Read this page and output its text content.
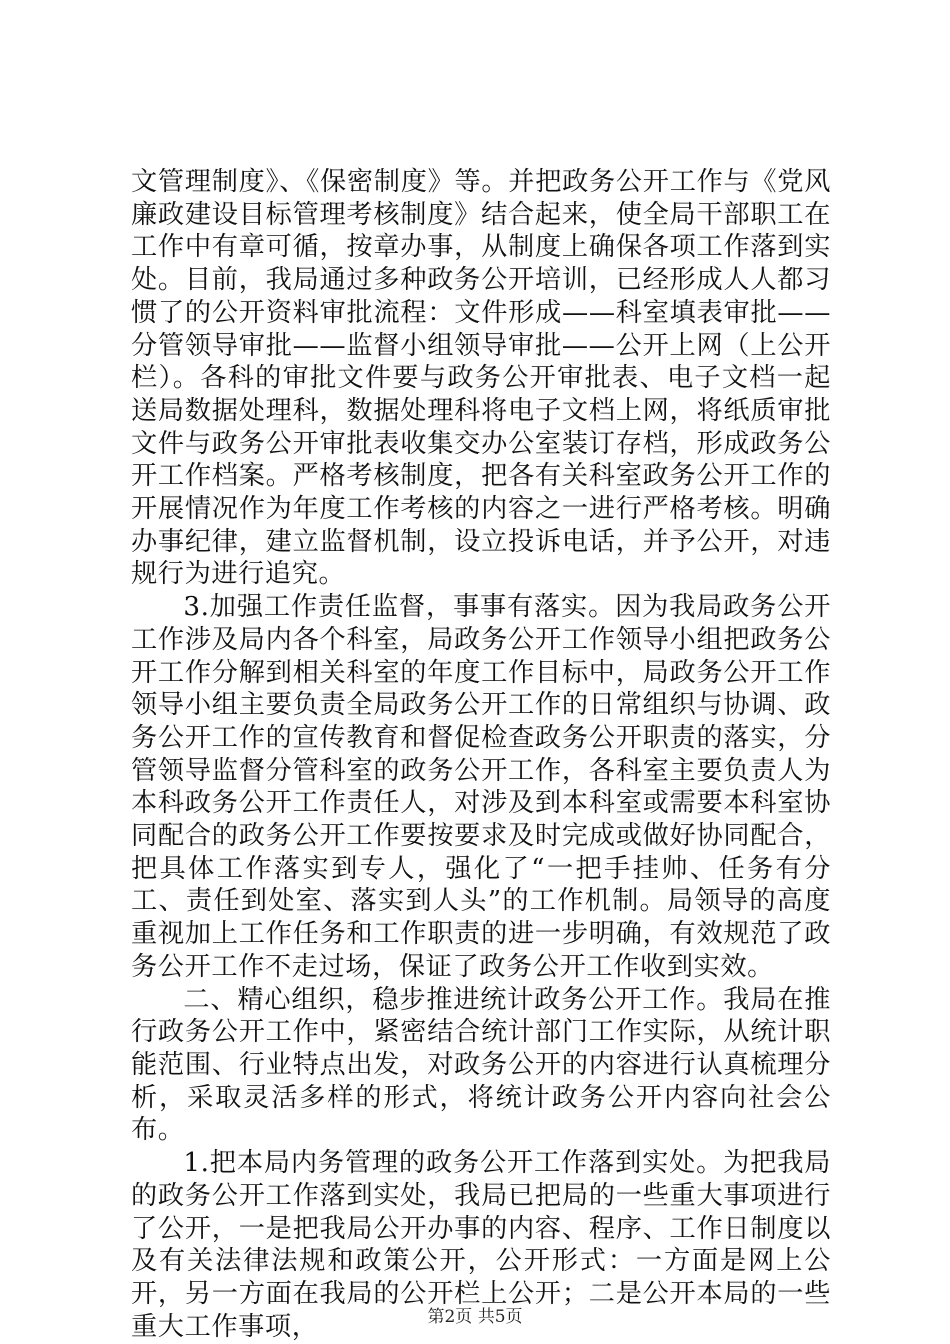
文管理制度》、《保密制度》等。并把政务公开工作与《党风廉政建设目标管理考核制度》结合起来，使全局干部职工在工作中有章可循，按章办事，从制度上确保各项工作落到实处。目前，我局通过多种政务公开培训，已经形成人人都习惯了的公开资料审批流程：文件形成——科室填表审批——分管领导审批——监督小组领导审批——公开上网（上公开栏）。各科的审批文件要与政务公开审批表、电子文档一起送局数据处理科，数据处理科将电子文档上网，将纸质审批文件与政务公开审批表收集交办公室装订存档，形成政务公开工作档案。严格考核制度，把各有关科室政务公开工作的开展情况作为年度工作考核的内容之一进行严格考核。明确办事纪律，建立监督机制，设立投诉电话，并予公开，对违规行为进行追究。

3.加强工作责任监督，事事有落实。因为我局政务公开工作涉及局内各个科室，局政务公开工作领导小组把政务公开工作分解到相关科室的年度工作目标中，局政务公开工作领导小组主要负责全局政务公开工作的日常组织与协调、政务公开工作的宣传教育和督促检查政务公开职责的落实，分管领导监督分管科室的政务公开工作，各科室主要负责人为本科政务公开工作责任人，对涉及到本科室或需要本科室协同配合的政务公开工作要按要求及时完成或做好协同配合，把具体工作落实到专人，强化了“一把手挂帅、任务有分工、责任到处室、落实到人头”的工作机制。局领导的高度重视加上工作任务和工作职责的进一步明确，有效规范了政务公开工作不走过场，保证了政务公开工作收到实效。

二、精心组织，稳步推进统计政务公开工作。我局在推行政务公开工作中，紧密结合统计部门工作实际，从统计职能范围、行业特点出发，对政务公开的内容进行认真梳理分析，采取灵活多样的形式，将统计政务公开内容向社会公布。

1.把本局内务管理的政务公开工作落到实处。为把我局的政务公开工作落到实处，我局已把局的一些重大事项进行了公开，一是把我局公开办事的内容、程序、工作日制度以及有关法律法规和政策公开，公开形式：一方面是网上公开，另一方面在我局的公开栏上公开；二是公开本局的一些重大工作事项，	第2页 共5页
